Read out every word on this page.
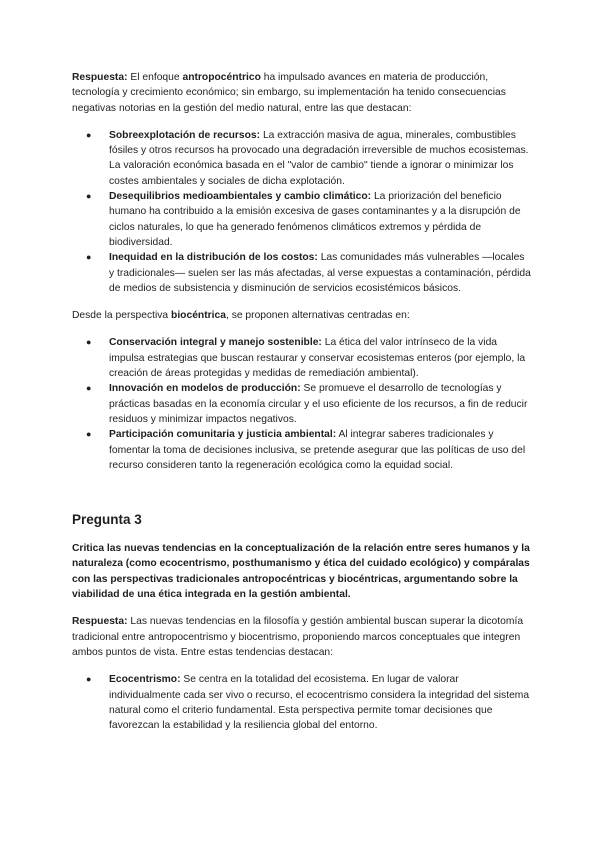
Respuesta: El enfoque antropocéntrico ha impulsado avances en materia de producción, tecnología y crecimiento económico; sin embargo, su implementación ha tenido consecuencias negativas notorias en la gestión del medio natural, entre las que destacan:

● Sobreexplotación de recursos: La extracción masiva de agua, minerales, combustibles fósiles y otros recursos ha provocado una degradación irreversible de muchos ecosistemas. La valoración económica basada en el "valor de cambio" tiende a ignorar o minimizar los costes ambientales y sociales de dicha explotación.
● Desequilibrios medioambientales y cambio climático: La priorización del beneficio humano ha contribuido a la emisión excesiva de gases contaminantes y a la disrupción de ciclos naturales, lo que ha generado fenómenos climáticos extremos y pérdida de biodiversidad.
● Inequidad en la distribución de los costos: Las comunidades más vulnerables —locales y tradicionales— suelen ser las más afectadas, al verse expuestas a contaminación, pérdida de medios de subsistencia y disminución de servicios ecosistémicos básicos.

Desde la perspectiva biocéntrica, se proponen alternativas centradas en:

● Conservación integral y manejo sostenible: La ética del valor intrínseco de la vida impulsa estrategias que buscan restaurar y conservar ecosistemas enteros (por ejemplo, la creación de áreas protegidas y medidas de remediación ambiental).
● Innovación en modelos de producción: Se promueve el desarrollo de tecnologías y prácticas basadas en la economía circular y el uso eficiente de los recursos, a fin de reducir residuos y minimizar impactos negativos.
● Participación comunitaria y justicia ambiental: Al integrar saberes tradicionales y fomentar la toma de decisiones inclusiva, se pretende asegurar que las políticas de uso del recurso consideren tanto la regeneración ecológica como la equidad social.
Pregunta 3

Critica las nuevas tendencias en la conceptualización de la relación entre seres humanos y la naturaleza (como ecocentrismo, posthumanismo y ética del cuidado ecológico) y compáralas con las perspectivas tradicionales antropocéntricas y biocéntricas, argumentando sobre la viabilidad de una ética integrada en la gestión ambiental.

Respuesta: Las nuevas tendencias en la filosofía y gestión ambiental buscan superar la dicotomía tradicional entre antropocentrismo y biocentrismo, proponiendo marcos conceptuales que integren ambos puntos de vista. Entre estas tendencias destacan:

● Ecocentrismo: Se centra en la totalidad del ecosistema. En lugar de valorar individualmente cada ser vivo o recurso, el ecocentrismo considera la integridad del sistema natural como el criterio fundamental. Esta perspectiva permite tomar decisiones que favorezcan la estabilidad y la resiliencia global del entorno.
